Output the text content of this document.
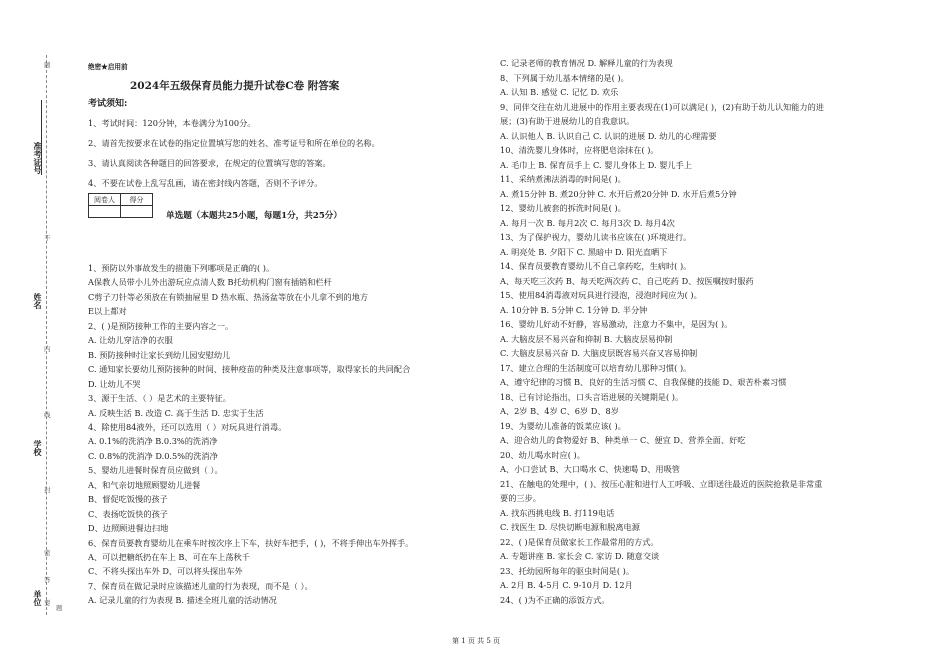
准考证号
姓名
学校
单位
题
不
内
线
封
密
答
要
题
绝密★启用前
2024年五级保育员能力提升试卷C卷 附答案
考试须知:
1、考试时间：120分钟，本卷满分为100分。
2、请首先按要求在试卷的指定位置填写您的姓名、准考证号和所在单位的名称。
3、请认真阅读各种题目的回答要求，在规定的位置填写您的答案。
4、不要在试卷上乱写乱画，请在密封线内答题，否则不予评分。
阅卷人	得分

单选题（本题共25小题，每题1分，共25分）
1、预防以外事故发生的措施下列哪项是正确的( )。
A保教人员带小儿外出游玩应点清人数 B托幼机构门窗有插销和栏杆
C剪子刀针等必须放在有锁抽屉里 D 热水瓶、热汤盆等放在小儿拿不到的地方
E以上都对
2、( )是预防接种工作的主要内容之一。
A. 让幼儿穿洁净的衣服
B. 预防接种时让家长到幼儿园安慰幼儿
C. 通知家长要幼儿预防接种的时间、接种疫苗的种类及注意事项等，取得家长的共同配合
D. 让幼儿不哭
3、源于生活、（ ）是艺术的主要特征。
A. 反映生活 B. 改造 C. 高于生活 D. 忠实于生活
4、除使用84液外，还可以选用（ ）对玩具进行消毒。
A. 0.1%的洗消净 B.0.3%的洗消净
C. 0.8%的洗消净 D.0.5%的洗消净
5、婴幼儿进餐时保育员应做到（ ）。
A、和气亲切地照顾婴幼儿进餐
B、督促吃饭慢的孩子
C、表扬吃饭快的孩子
D、边照顾进餐边扫地
6、保育员要教育婴幼儿在乘车时按次序上下车，扶好车把手，( )，不将手伸出车外挥手。
A、可以把糖纸扔在车上 B、可在车上荡秋千
C、不将头探出车外 D、可以将头探出车外
7、保育员在做记录时应该描述儿童的行为表现，而不是（ ）。
A. 记录儿童的行为表现 B. 描述全班儿童的活动情况
C. 记录老师的教育情况 D. 解释儿童的行为表现
8、下列属于幼儿基本情绪的是( )。
A. 认知 B. 感觉 C. 记忆 D. 欢乐
9、同伴交往在幼儿进展中的作用主要表现在(1)可以满足( )，(2)有助于幼儿认知能力的进
展；(3)有助于进展幼儿的自我意识。
A. 认识他人 B. 认识自己 C. 认识的进展 D. 幼儿的心理需要
10、清洗婴儿身体时，应将肥皂涂抹在( )。
A. 毛巾上 B. 保育员手上 C. 婴儿身体上 D. 婴儿手上
11、采纳煮沸法消毒的时间是( )。
A. 煮15分钟 B. 煮20分钟 C. 水开后煮20分钟 D. 水开后煮5分钟
12、婴幼儿被套的拆洗时间是( )。
A. 每月一次 B. 每月2次 C. 每月3次 D. 每月4次
13、为了保护视力，婴幼儿读书应该在( )环境进行。
A. 明亮处 B. 夕阳下 C. 黑暗中 D. 阳光直晒下
14、保育员要教育婴幼儿不自己拿药吃，生病时( )。
A、每天吃三次药 B、每天吃两次药 C、自己吃药 D、按医嘱按时服药
15、使用84消毒液对玩具进行浸泡，浸泡时间应为( )。
A. 10分钟 B. 5分钟 C. 1分钟 D. 半分钟
16、婴幼儿好动不好静，容易激动，注意力不集中，是因为( )。
A. 大脑皮层不易兴奋和抑制 B. 大脑皮层易抑制
C. 大脑皮层易兴奋 D. 大脑皮层既容易兴奋又容易抑制
17、建立合理的生活制度可以培育幼儿那种习惯( )。
A、遵守纪律的习惯 B、良好的生活习惯 C、自我保健的技能 D、艰苦朴素习惯
18、已有讨论指出，口头言语进展的关键期是( )。
A、2岁 B、4岁 C、6岁 D、8岁
19、为婴幼儿准备的饭菜应该( )。
A、迎合幼儿的食物爱好 B、种类单一 C、便宜 D、营养全面、好吃
20、幼儿喝水时应( )。
A、小口尝试 B、大口喝水 C、快速喝 D、用吸管
21、在触电的处理中，( )、按压心脏和进行人工呼吸、立即送往最近的医院抢救是非常重
要的三步。
A. 找东西挑电线 B. 打119电话
C. 找医生 D. 尽快切断电源和脱离电源
22、( )是保育员做家长工作最常用的方式。
A. 专题讲座 B. 家长会 C. 家访 D. 随意交谈
23、托幼园所每年的驱虫时间是( )。
A. 2月 B. 4-5月 C. 9-10月 D. 12月
24、( )为不正确的添饭方式。
第 1 页 共 5 页
